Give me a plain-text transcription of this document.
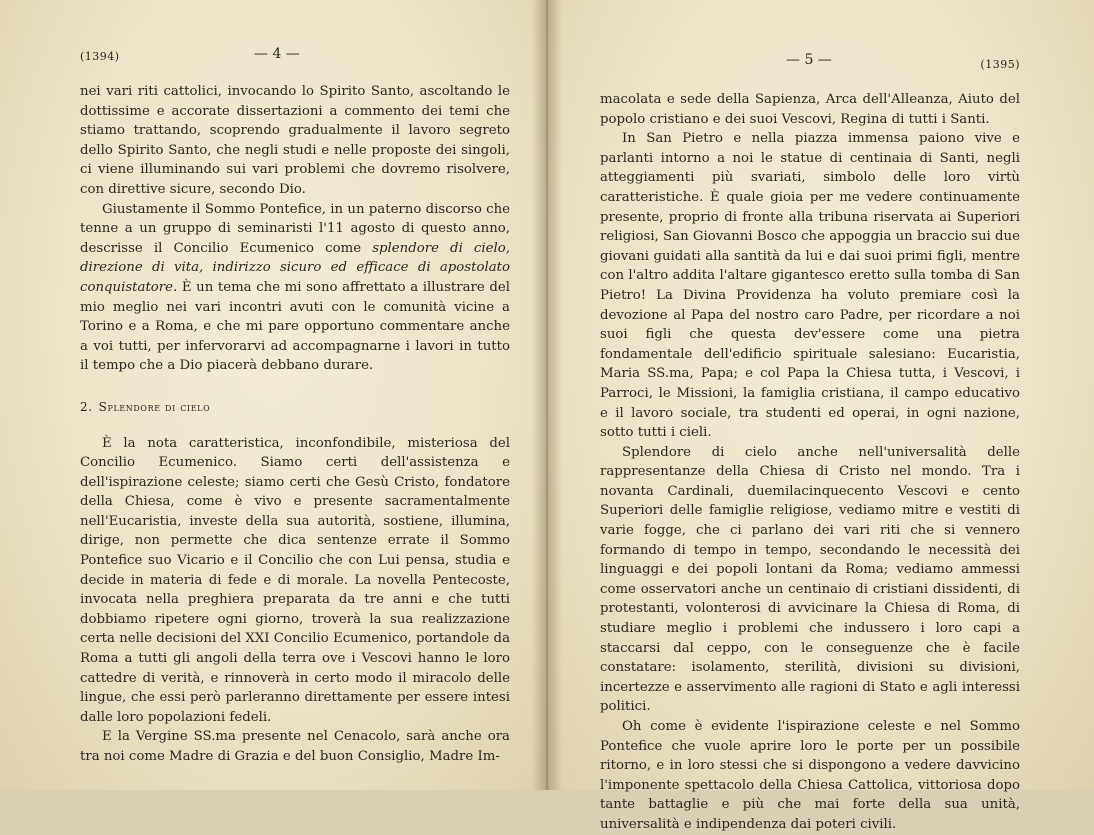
(1394)	— 4 —

nei vari riti cattolici, invocando lo Spirito Santo, ascoltando le dottissime e accorate dissertazioni a commento dei temi che stiamo trattando, scoprendo gradualmente il lavoro segreto dello Spirito Santo, che negli studi e nelle proposte dei singoli, ci viene illuminando sui vari problemi che dovremo risolvere, con direttive sicure, secondo Dio.

Giustamente il Sommo Pontefice, in un paterno discorso che tenne a un gruppo di seminaristi l'11 agosto di questo anno, descrisse il Concilio Ecumenico come splendore di cielo, direzione di vita, indirizzo sicuro ed efficace di apostolato conquistatore. È un tema che mi sono affrettato a illustrare del mio meglio nei vari incontri avuti con le comunità vicine a Torino e a Roma, e che mi pare opportuno commentare anche a voi tutti, per infervorarvi ad accompagnarne i lavori in tutto il tempo che a Dio piacerà debbano durare.

2. Splendore di cielo

È la nota caratteristica, inconfondibile, misteriosa del Concilio Ecumenico. Siamo certi dell'assistenza e dell'ispirazione celeste; siamo certi che Gesù Cristo, fondatore della Chiesa, come è vivo e presente sacramentalmente nell'Eucaristia, investe della sua autorità, sostiene, illumina, dirige, non permette che dica sentenze errate il Sommo Pontefice suo Vicario e il Concilio che con Lui pensa, studia e decide in materia di fede e di morale. La novella Pentecoste, invocata nella preghiera preparata da tre anni e che tutti dobbiamo ripetere ogni giorno, troverà la sua realizzazione certa nelle decisioni del XXI Concilio Ecumenico, portandole da Roma a tutti gli angoli della terra ove i Vescovi hanno le loro cattedre di verità, e rinnoverà in certo modo il miracolo delle lingue, che essi però parleranno direttamente per essere intesi dalle loro popolazioni fedeli.

E la Vergine SS.ma presente nel Cenacolo, sarà anche ora tra noi come Madre di Grazia e del buon Consiglio, Madre Im-

— 5 —	(1395)

macolata e sede della Sapienza, Arca dell'Alleanza, Aiuto del popolo cristiano e dei suoi Vescovi, Regina di tutti i Santi.

In San Pietro e nella piazza immensa paiono vive e parlanti intorno a noi le statue di centinaia di Santi, negli atteggiamenti più svariati, simbolo delle loro virtù caratteristiche. È quale gioia per me vedere continuamente presente, proprio di fronte alla tribuna riservata ai Superiori religiosi, San Giovanni Bosco che appoggia un braccio sui due giovani guidati alla santità da lui e dai suoi primi figli, mentre con l'altro addita l'altare gigantesco eretto sulla tomba di San Pietro! La Divina Providenza ha voluto premiare così la devozione al Papa del nostro caro Padre, per ricordare a noi suoi figli che questa dev'essere come una pietra fondamentale dell'edificio spirituale salesiano: Eucaristia, Maria SS.ma, Papa; e col Papa la Chiesa tutta, i Vescovi, i Parroci, le Missioni, la famiglia cristiana, il campo educativo e il lavoro sociale, tra studenti ed operai, in ogni nazione, sotto tutti i cieli.

Splendore di cielo anche nell'universalità delle rappresentanze della Chiesa di Cristo nel mondo. Tra i novanta Cardinali, duemilacinquecento Vescovi e cento Superiori delle famiglie religiose, vediamo mitre e vestiti di varie fogge, che ci parlano dei vari riti che si vennero formando di tempo in tempo, secondando le necessità dei linguaggi e dei popoli lontani da Roma; vediamo ammessi come osservatori anche un centinaio di cristiani dissidenti, di protestanti, volonterosi di avvicinare la Chiesa di Roma, di studiare meglio i problemi che indussero i loro capi a staccarsi dal ceppo, con le conseguenze che è facile constatare: isolamento, sterilità, divisioni su divisioni, incertezze e asservimento alle ragioni di Stato e agli interessi politici.

Oh come è evidente l'ispirazione celeste e nel Sommo Pontefice che vuole aprire loro le porte per un possibile ritorno, e in loro stessi che si dispongono a vedere davvicino l'imponente spettacolo della Chiesa Cattolica, vittoriosa dopo tante battaglie e più che mai forte della sua unità, universalità e indipendenza dai poteri civili.
